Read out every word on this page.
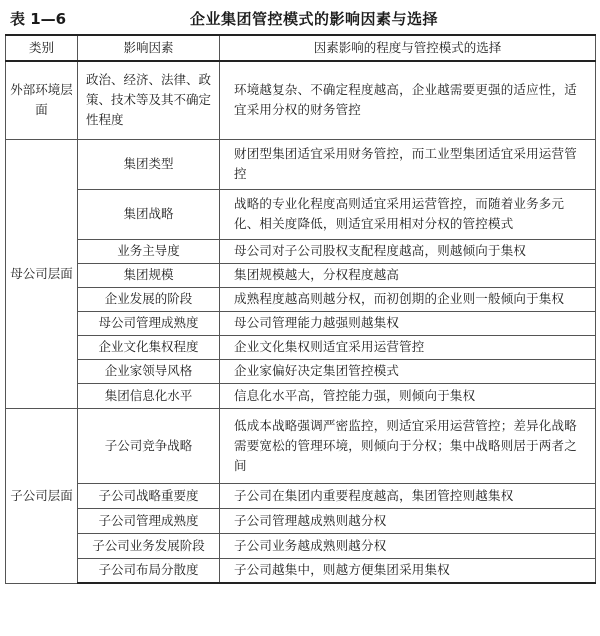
表 1—6	企业集团管控模式的影响因素与选择
类别	影响因素	因素影响的程度与管控模式的选择
外部环境层面	政治、经济、法律、政策、技术等及其不确定性程度	环境越复杂、不确定程度越高，企业越需要更强的适应性，适宜采用分权的财务管控
母公司层面	集团类型	财团型集团适宜采用财务管控，而工业型集团适宜采用运营管控
	集团战略	战略的专业化程度高则适宜采用运营管控，而随着业务多元化、相关度降低，则适宜采用相对分权的管控模式
	业务主导度	母公司对子公司股权支配程度越高，则越倾向于集权
	集团规模	集团规模越大，分权程度越高
	企业发展的阶段	成熟程度越高则越分权，而初创期的企业则一般倾向于集权
	母公司管理成熟度	母公司管理能力越强则越集权
	企业文化集权程度	企业文化集权则适宜采用运营管控
	企业家领导风格	企业家偏好决定集团管控模式
	集团信息化水平	信息化水平高，管控能力强，则倾向于集权
子公司层面	子公司竞争战略	低成本战略强调严密监控，则适宜采用运营管控；差异化战略需要宽松的管理环境，则倾向于分权；集中战略则居于两者之间
	子公司战略重要度	子公司在集团内重要程度越高，集团管控则越集权
	子公司管理成熟度	子公司管理越成熟则越分权
	子公司业务发展阶段	子公司业务越成熟则越分权
	子公司布局分散度	子公司越集中，则越方便集团采用集权
